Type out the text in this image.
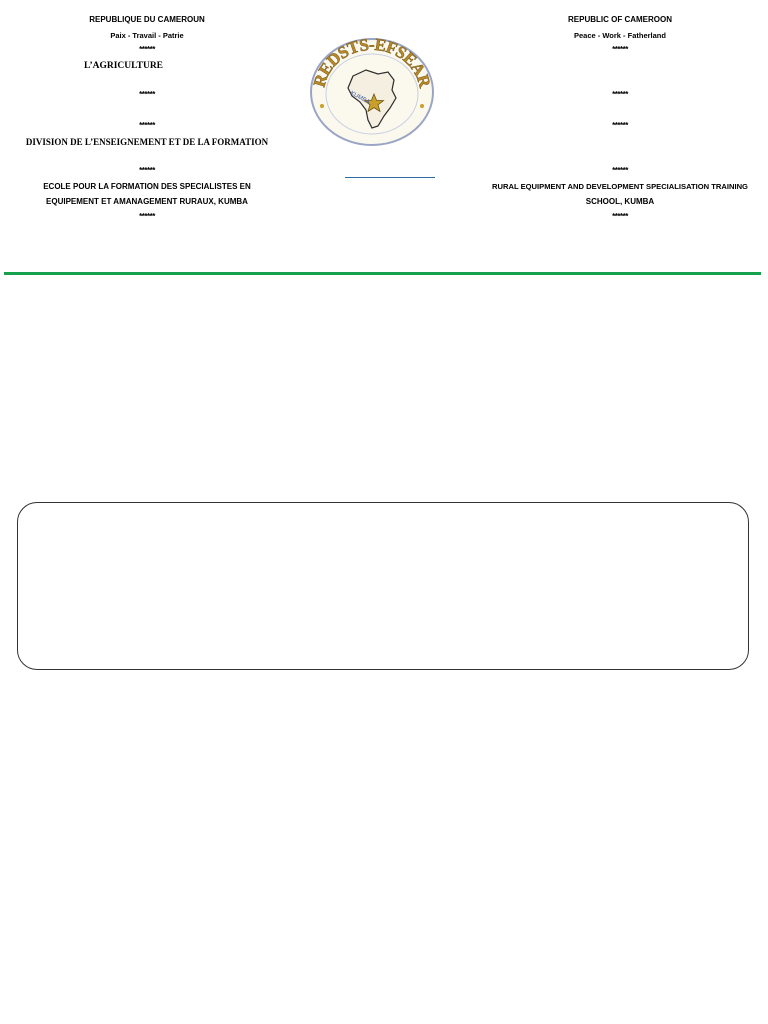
REPUBLIQUE DU CAMEROUN
Paix - Travail - Patrie
******
L’AGRICULTURE
******
******
DIVISION DE L’ENSEIGNEMENT ET DE LA FORMATION
******
ECOLE POUR LA FORMATION DES SPECIALISTES EN
EQUIPEMENT ET AMANAGEMENT RURAUX, KUMBA
******
REPUBLIC OF CAMEROON
Peace - Work - Fatherland
******
******
******
******
RURAL EQUIPMENT AND DEVELOPMENT SPECIALISATION TRAINING
SCHOOL, KUMBA
******
REDSTS-EFSEAR
KUMBA
